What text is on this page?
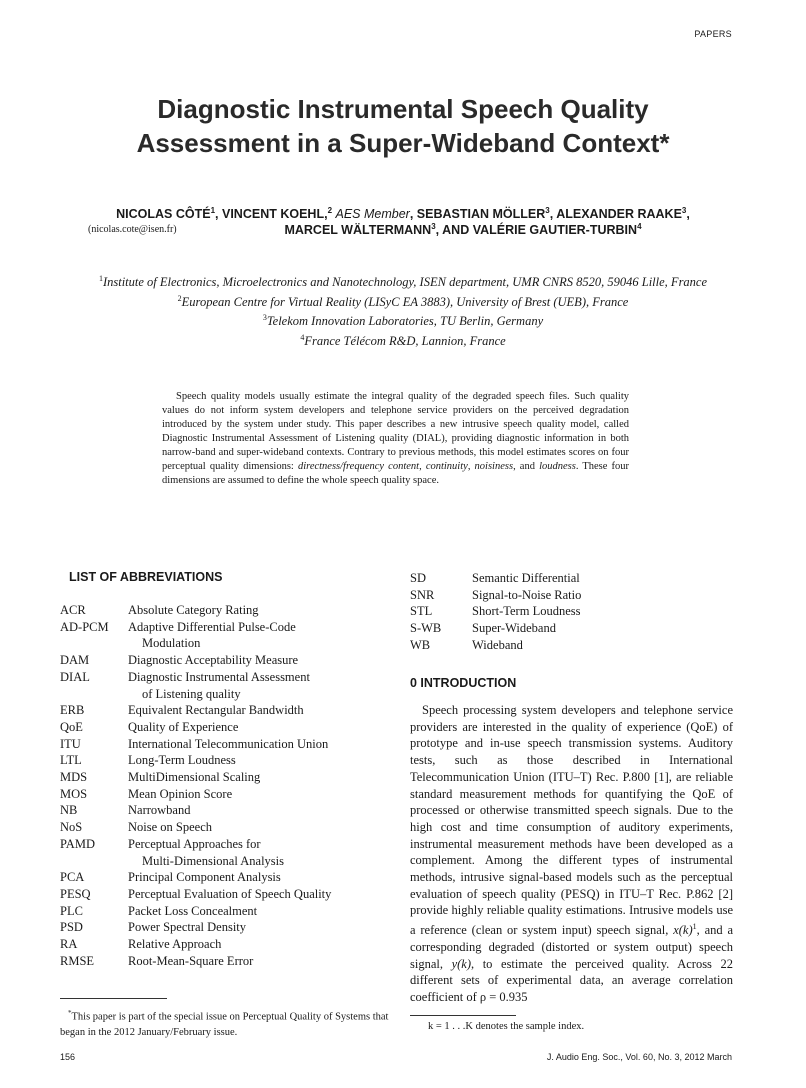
PAPERS
Diagnostic Instrumental Speech Quality
Assessment in a Super-Wideband Context*
NICOLAS CÔTÉ$^1$, VINCENT KOEHL,$^2$ AES Member, SEBASTIAN MÖLLER$^3$, ALEXANDER RAAKE$^3$,
(nicolas.cote@isen.fr)	MARCEL WÄLTERMANN$^3$, AND VALÉRIE GAUTIER-TURBIN$^4$
$^1$Institute of Electronics, Microelectronics and Nanotechnology, ISEN department, UMR CNRS 8520, 59046 Lille, France
$^2$European Centre for Virtual Reality (LISyC EA 3883), University of Brest (UEB), France
$^3$Telekom Innovation Laboratories, TU Berlin, Germany
$^4$France Télécom R&D, Lannion, France
Speech quality models usually estimate the integral quality of the degraded speech files. Such quality values do not inform system developers and telephone service providers on the perceived degradation introduced by the system under study. This paper describes a new intrusive speech quality model, called Diagnostic Instrumental Assessment of Listening quality (DIAL), providing diagnostic information in both narrow-band and super-wideband contexts. Contrary to previous methods, this model estimates scores on four perceptual quality dimensions: directness/frequency content, continuity, noisiness, and loudness. These four dimensions are assumed to define the whole speech quality space.
LIST OF ABBREVIATIONS
ACR	Absolute Category Rating
AD-PCM	Adaptive Differential Pulse-Code
	Modulation
DAM	Diagnostic Acceptability Measure
DIAL	Diagnostic Instrumental Assessment
	of Listening quality
ERB	Equivalent Rectangular Bandwidth
QoE	Quality of Experience
ITU	International Telecommunication Union
LTL	Long-Term Loudness
MDS	MultiDimensional Scaling
MOS	Mean Opinion Score
NB	Narrowband
NoS	Noise on Speech
PAMD	Perceptual Approaches for
	Multi-Dimensional Analysis
PCA	Principal Component Analysis
PESQ	Perceptual Evaluation of Speech Quality
PLC	Packet Loss Concealment
PSD	Power Spectral Density
RA	Relative Approach
RMSE	Root-Mean-Square Error
SD	Semantic Differential
SNR	Signal-to-Noise Ratio
STL	Short-Term Loudness
S-WB	Super-Wideband
WB	Wideband
0 INTRODUCTION
Speech processing system developers and telephone service providers are interested in the quality of experience (QoE) of prototype and in-use speech transmission systems. Auditory tests, such as those described in International Telecommunication Union (ITU–T) Rec. P.800 [1], are reliable standard measurement methods for quantifying the QoE of processed or otherwise transmitted speech signals. Due to the high cost and time consumption of auditory experiments, instrumental measurement methods have been developed as a complement. Among the different types of instrumental methods, intrusive signal-based models such as the perceptual evaluation of speech quality (PESQ) in ITU–T Rec. P.862 [2] provide highly reliable quality estimations. Intrusive models use a reference (clean or system input) speech signal, $x(k)^1$, and a corresponding degraded (distorted or system output) speech signal, y(k), to estimate the perceived quality. Across 22 different sets of experimental data, an average correlation coefficient of ρ = 0.935
*This paper is part of the special issue on Perceptual Quality of Systems that began in the 2012 January/February issue.	k = 1 . . .K denotes the sample index.
156	J. Audio Eng. Soc., Vol. 60, No. 3, 2012 March
